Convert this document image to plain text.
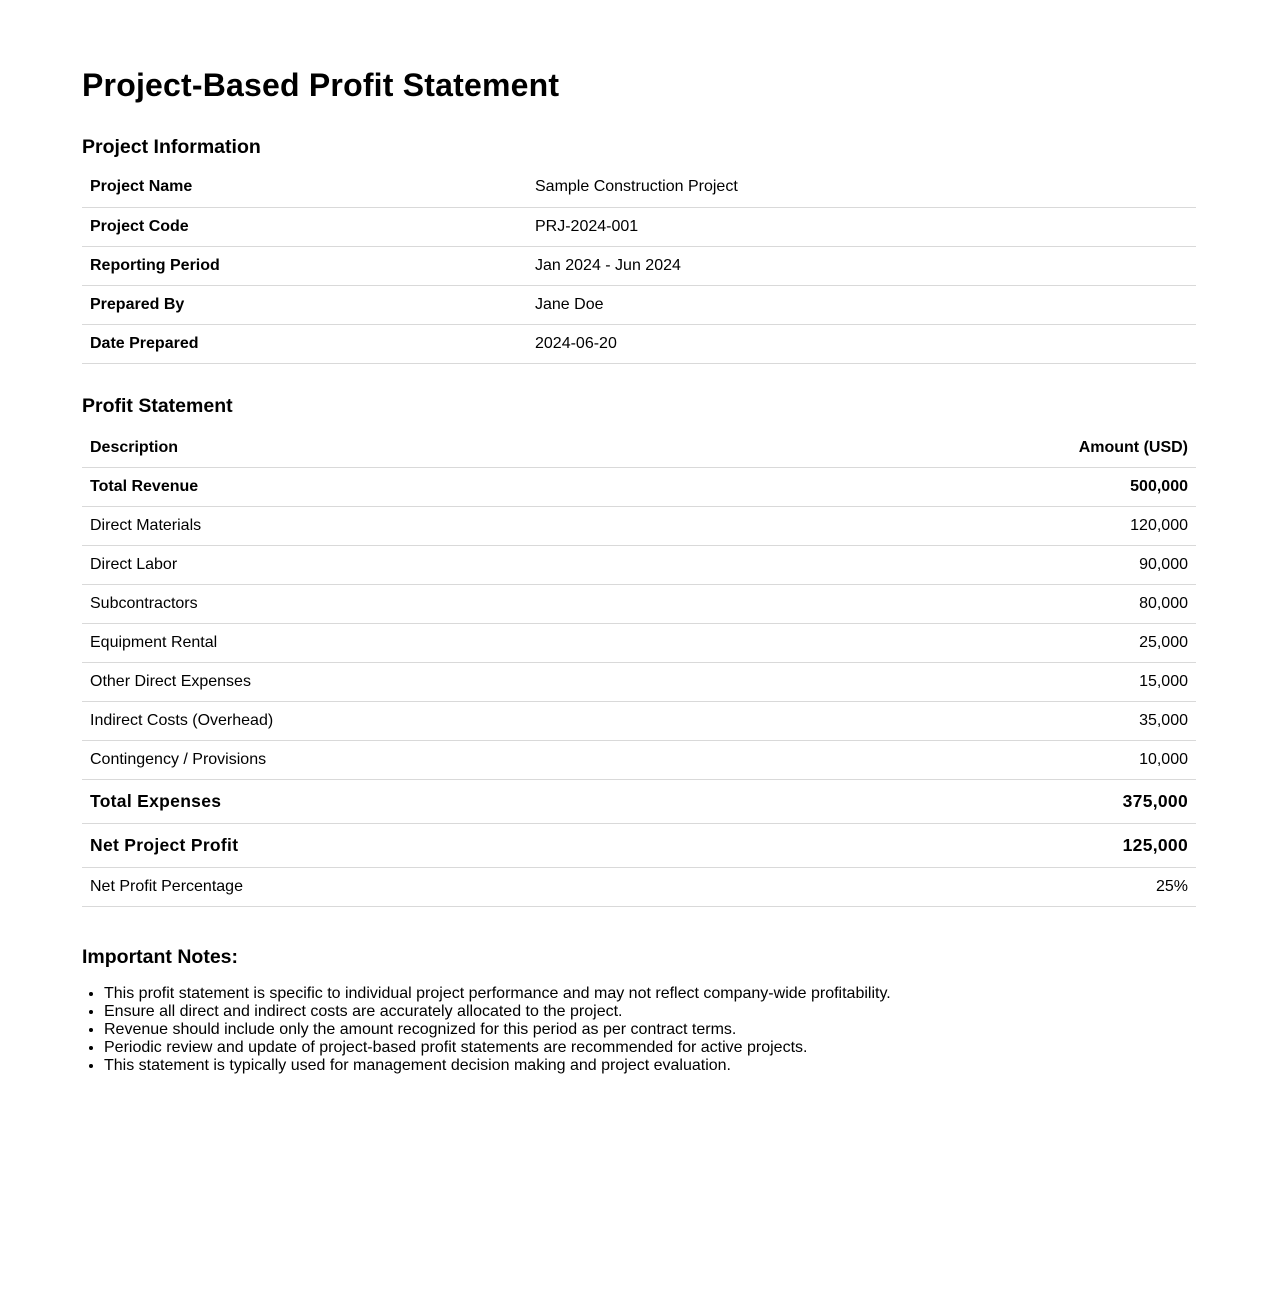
Project-Based Profit Statement
Project Information
Project Name	Sample Construction Project
Project Code	PRJ-2024-001
Reporting Period	Jan 2024 - Jun 2024
Prepared By	Jane Doe
Date Prepared	2024-06-20
Profit Statement
Description	Amount (USD)
Total Revenue	500,000
Direct Materials	120,000
Direct Labor	90,000
Subcontractors	80,000
Equipment Rental	25,000
Other Direct Expenses	15,000
Indirect Costs (Overhead)	35,000
Contingency / Provisions	10,000
Total Expenses	375,000
Net Project Profit	125,000
Net Profit Percentage	25%
Important Notes:
• This profit statement is specific to individual project performance and may not reflect company-wide profitability.
• Ensure all direct and indirect costs are accurately allocated to the project.
• Revenue should include only the amount recognized for this period as per contract terms.
• Periodic review and update of project-based profit statements are recommended for active projects.
• This statement is typically used for management decision making and project evaluation.
